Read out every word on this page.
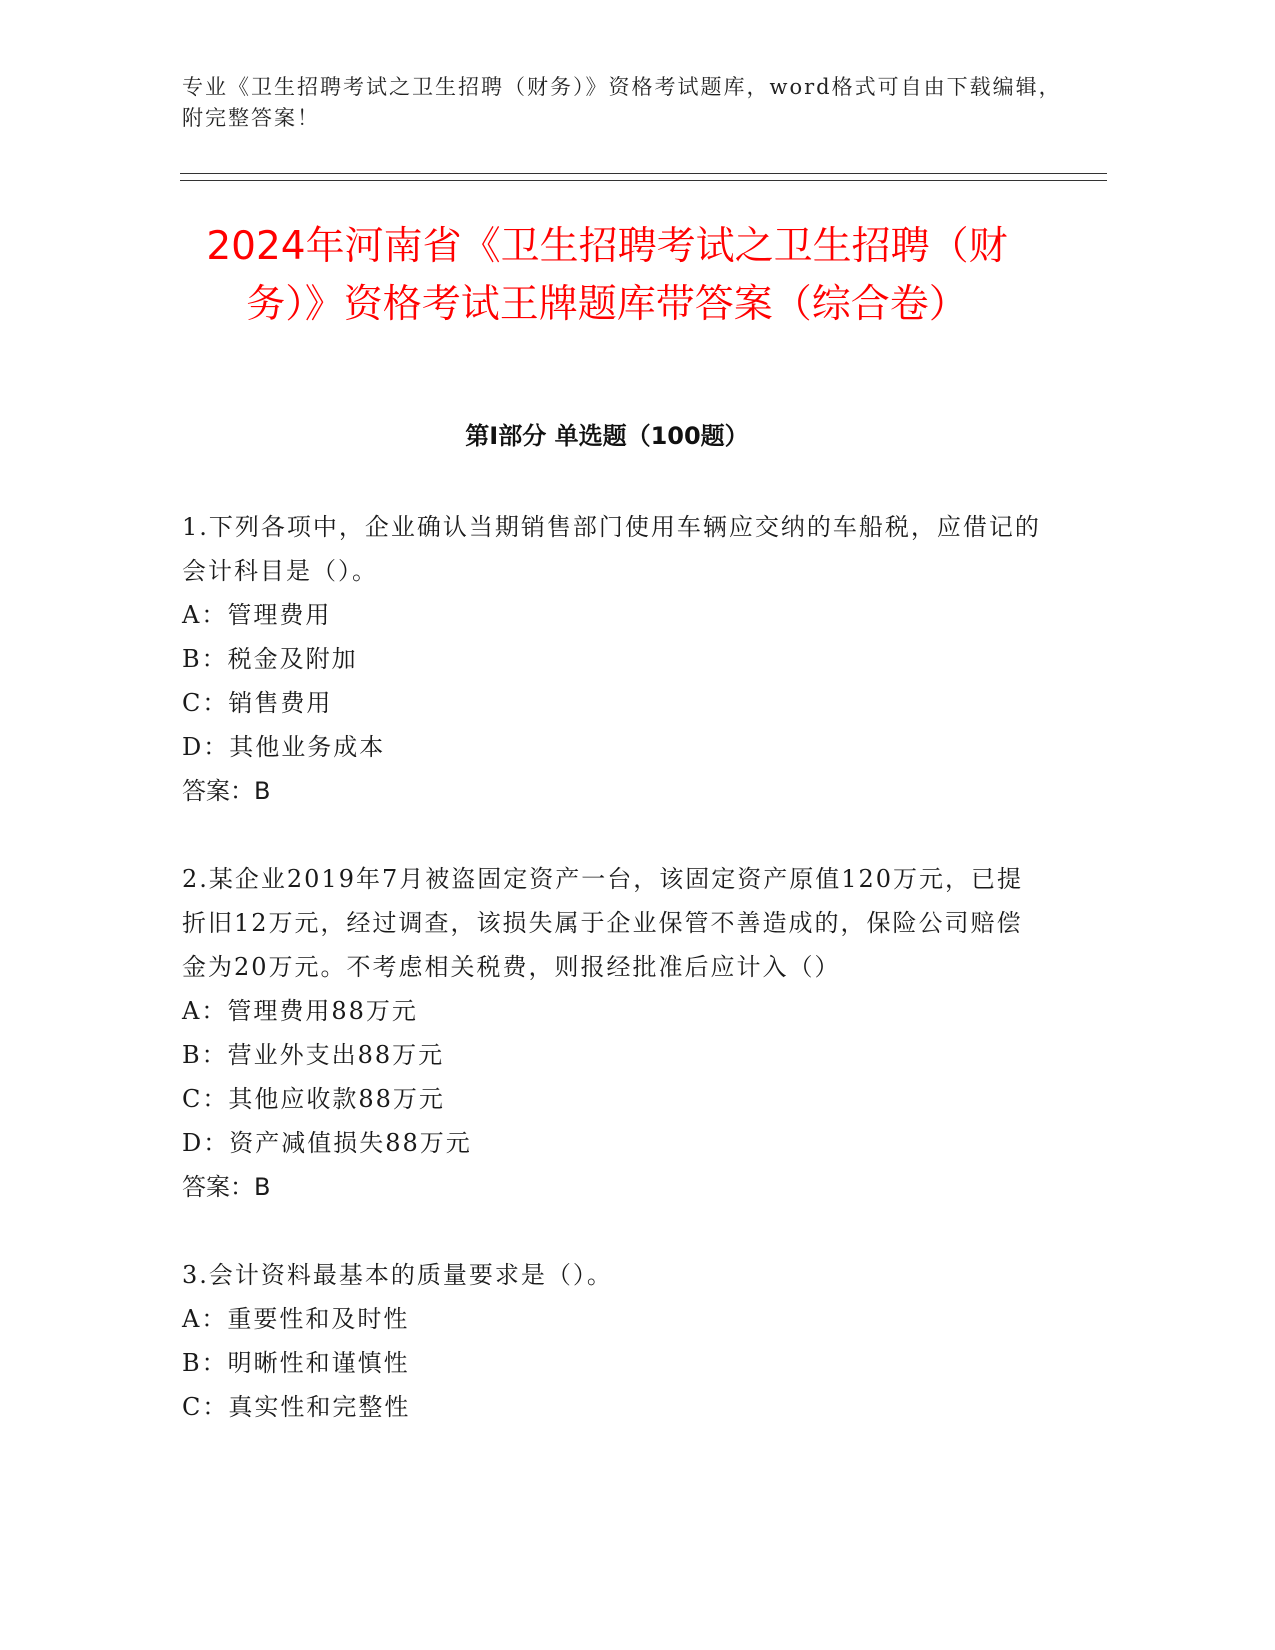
专业《卫生招聘考试之卫生招聘（财务）》资格考试题库，word格式可自由下载编辑，附完整答案！
2024年河南省《卫生招聘考试之卫生招聘（财务）》资格考试王牌题库带答案（综合卷）
第I部分 单选题（100题）

1.下列各项中，企业确认当期销售部门使用车辆应交纳的车船税，应借记的会计科目是（）。

A：管理费用

B：税金及附加

C：销售费用

D：其他业务成本

答案：B

2.某企业2019年7月被盗固定资产一台，该固定资产原值120万元，已提折旧12万元，经过调查，该损失属于企业保管不善造成的，保险公司赔偿金为20万元。不考虑相关税费，则报经批准后应计入（）

A：管理费用88万元

B：营业外支出88万元

C：其他应收款88万元

D：资产减值损失88万元

答案：B

3.会计资料最基本的质量要求是（）。

A：重要性和及时性

B：明晰性和谨慎性

C：真实性和完整性
